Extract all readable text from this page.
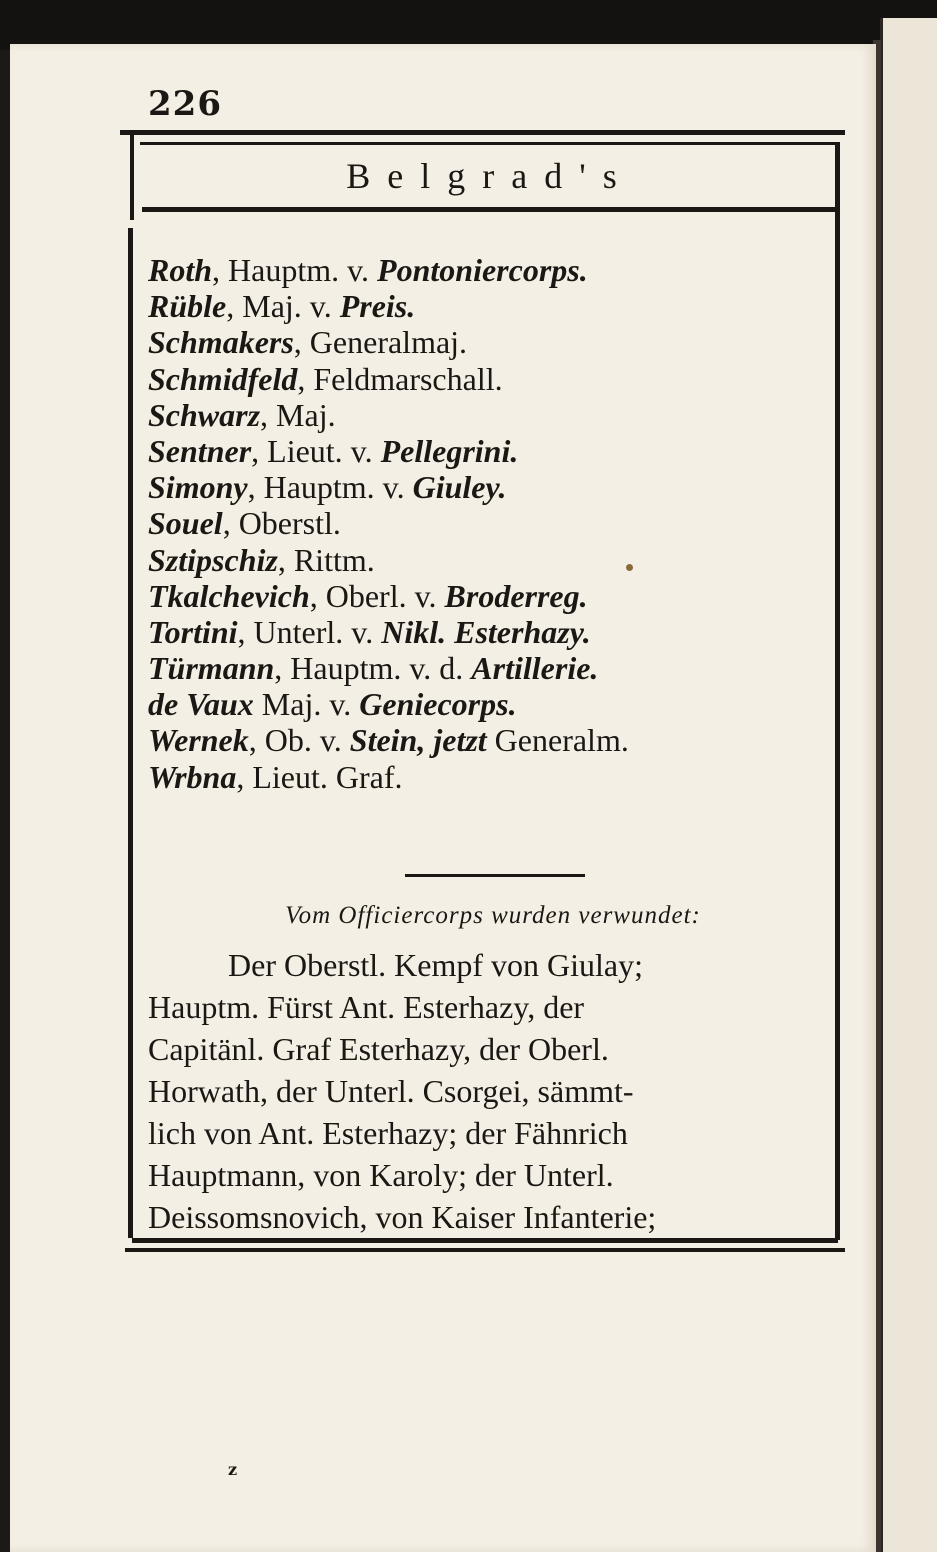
226
Belgrad's
Roth, Hauptm. v. Pontoniercorps.
Rüble, Maj. v. Preis.
Schmakers, Generalmaj.
Schmidfeld, Feldmarschall.
Schwarz, Maj.
Sentner, Lieut. v. Pellegrini.
Simony, Hauptm. v. Giuley.
Souel, Oberstl.
Sztipschiz, Rittm.
Tkalchevich, Oberl. v. Broderreg.
Tortini, Unterl. v. Nikl. Esterhazy.
Türmann, Hauptm. v. d. Artillerie.
de Vaux Maj. v. Geniecorps.
Wernek, Ob. v. Stein, jetzt Generalm.
Wrbna, Lieut. Graf.
Vom Officiercorps wurden verwundet:
Der Oberstl. Kempf von Giulay;
Hauptm. Fürst Ant. Esterhazy, der
Capitänl. Graf Esterhazy, der Oberl.
Horwath, der Unterl. Csorgei, sämmt-
lich von Ant. Esterhazy; der Fähnrich
Hauptmann, von Karoly; der Unterl.
Deissomsnovich, von Kaiser Infanterie;
z
